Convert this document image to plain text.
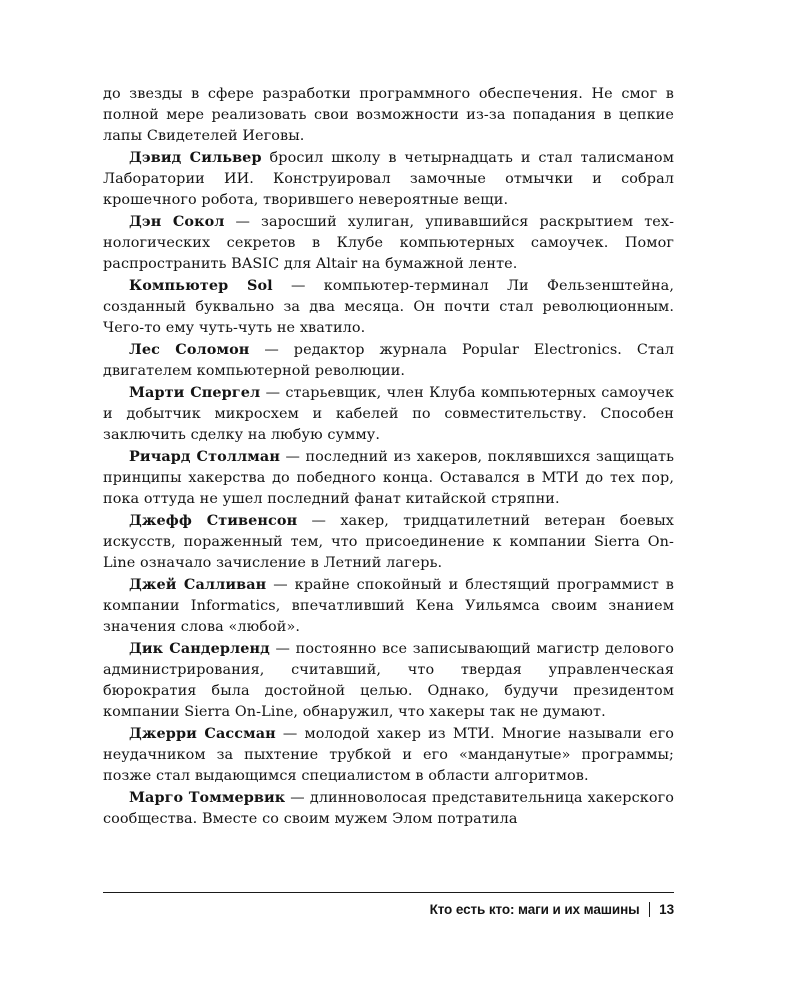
до звезды в сфере разработки программного обеспечения. Не смог в полной мере реализовать свои возможности из-за попадания в цепкие лапы Свидетелей Иеговы.

Дэвид Сильвер бросил школу в четырнадцать и стал талисманом Лаборатории ИИ. Конструировал замочные отмычки и собрал крошечного робота, творившего невероятные вещи.

Дэн Сокол — заросший хулиган, упивавшийся раскрытием технологических секретов в Клубе компьютерных самоучек. Помог распространить BASIC для Altair на бумажной ленте.

Компьютер Sol — компьютер-терминал Ли Фельзенштейна, созданный буквально за два месяца. Он почти стал революционным. Чего-то ему чуть-чуть не хватило.

Лес Соломон — редактор журнала Popular Electronics. Стал двигателем компьютерной революции.

Марти Спергел — старьевщик, член Клуба компьютерных самоучек и добытчик микросхем и кабелей по совместительству. Способен заключить сделку на любую сумму.

Ричард Столлман — последний из хакеров, поклявшихся защищать принципы хакерства до победного конца. Оставался в МТИ до тех пор, пока оттуда не ушел последний фанат китайской стряпни.

Джефф Стивенсон — хакер, тридцатилетний ветеран боевых искусств, пораженный тем, что присоединение к компании Sierra On-Line означало зачисление в Летний лагерь.

Джей Салливан — крайне спокойный и блестящий программист в компании Informatics, впечатливший Кена Уильямса своим знанием значения слова «любой».

Дик Сандерленд — постоянно все записывающий магистр делового администрирования, считавший, что твердая управленческая бюрократия была достойной целью. Однако, будучи президентом компании Sierra On-Line, обнаружил, что хакеры так не думают.

Джерри Сассман — молодой хакер из МТИ. Многие называли его неудачником за пыхтение трубкой и его «манданутые» программы; позже стал выдающимся специалистом в области алгоритмов.

Марго Томмервик — длинноволосая представительница хакерского сообщества. Вместе со своим мужем Элом потратила

Кто есть кто: маги и их машины 13
